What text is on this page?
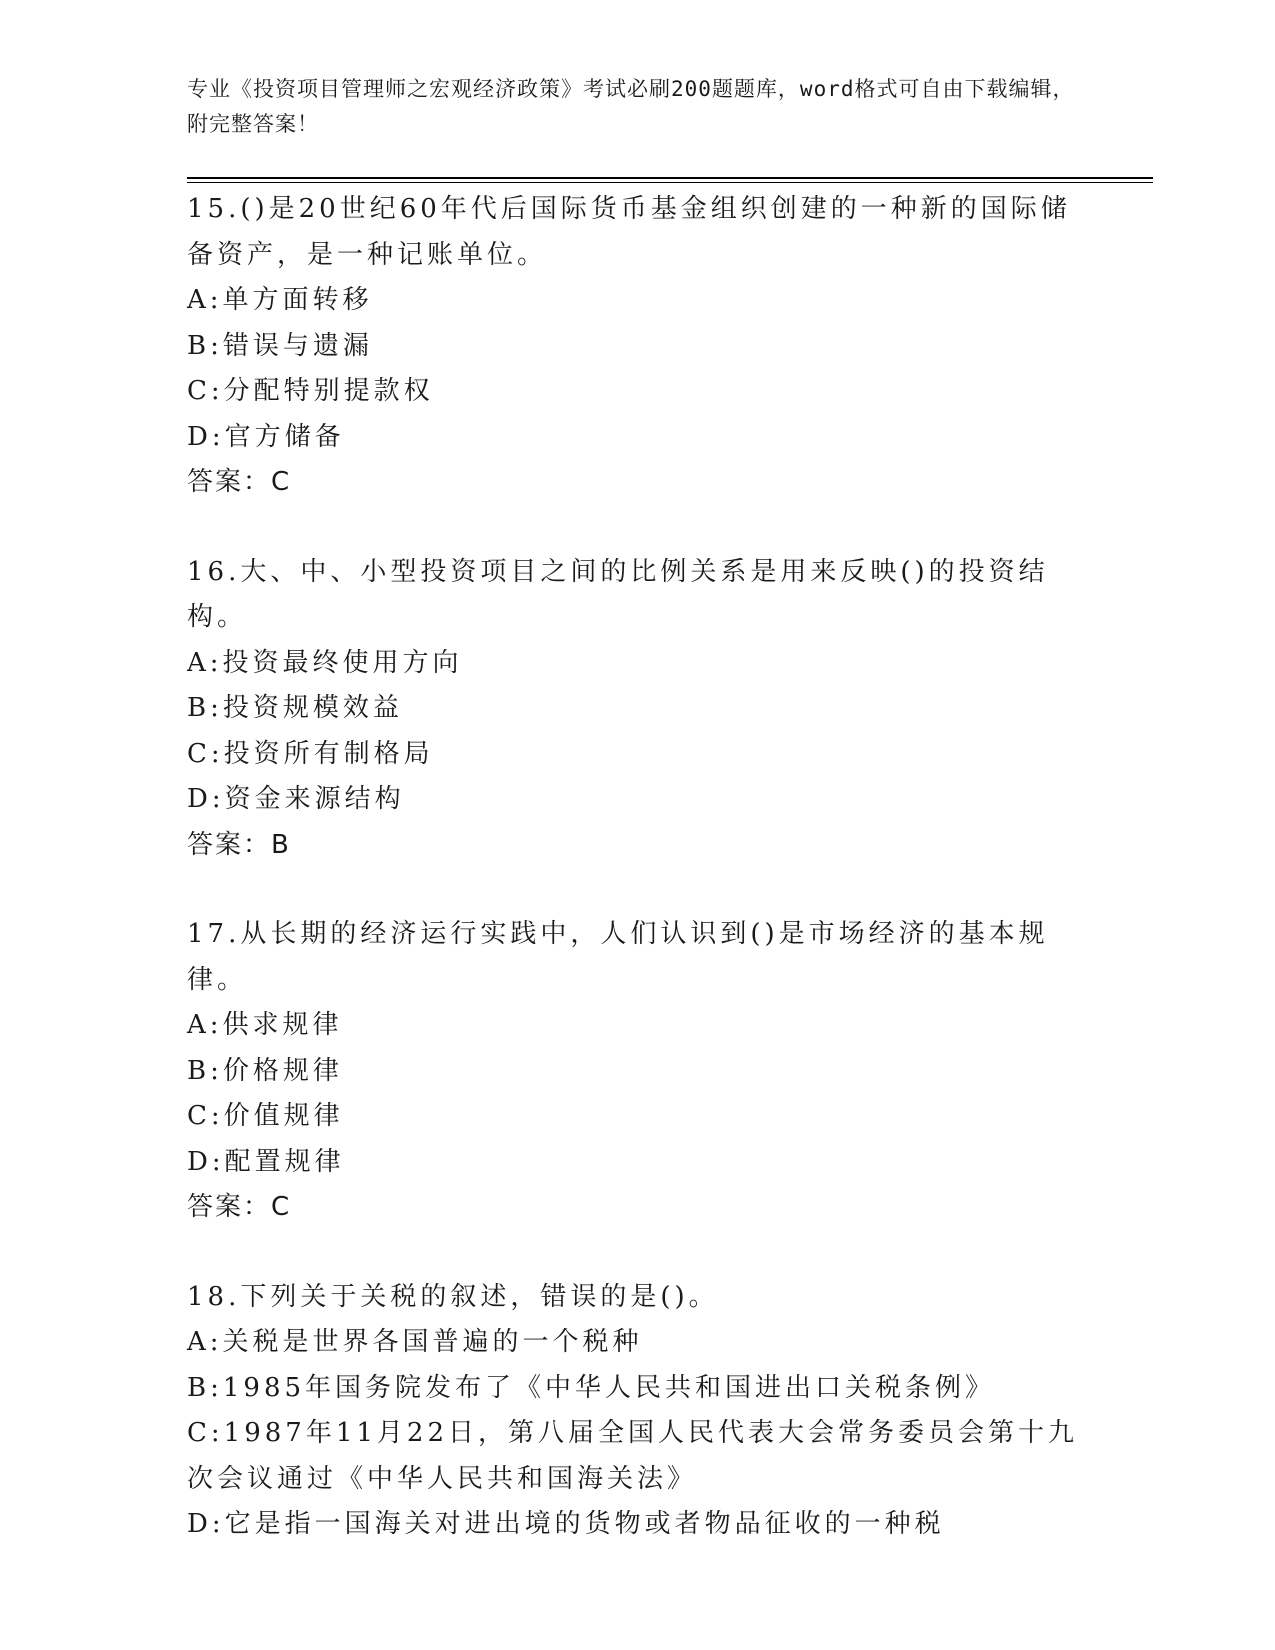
专业《投资项目管理师之宏观经济政策》考试必刷200题题库，word格式可自由下载编辑，附完整答案！

15.()是20世纪60年代后国际货币基金组织创建的一种新的国际储备资产，是一种记账单位。

A:单方面转移

B:错误与遗漏

C:分配特别提款权

D:官方储备

答案：C

16.大、中、小型投资项目之间的比例关系是用来反映()的投资结构。

A:投资最终使用方向

B:投资规模效益

C:投资所有制格局

D:资金来源结构

答案：B

17.从长期的经济运行实践中，人们认识到()是市场经济的基本规律。

A:供求规律

B:价格规律

C:价值规律

D:配置规律

答案：C

18.下列关于关税的叙述，错误的是()。

A:关税是世界各国普遍的一个税种

B:1985年国务院发布了《中华人民共和国进出口关税条例》

C:1987年11月22日，第八届全国人民代表大会常务委员会第十九次会议通过《中华人民共和国海关法》

D:它是指一国海关对进出境的货物或者物品征收的一种税
